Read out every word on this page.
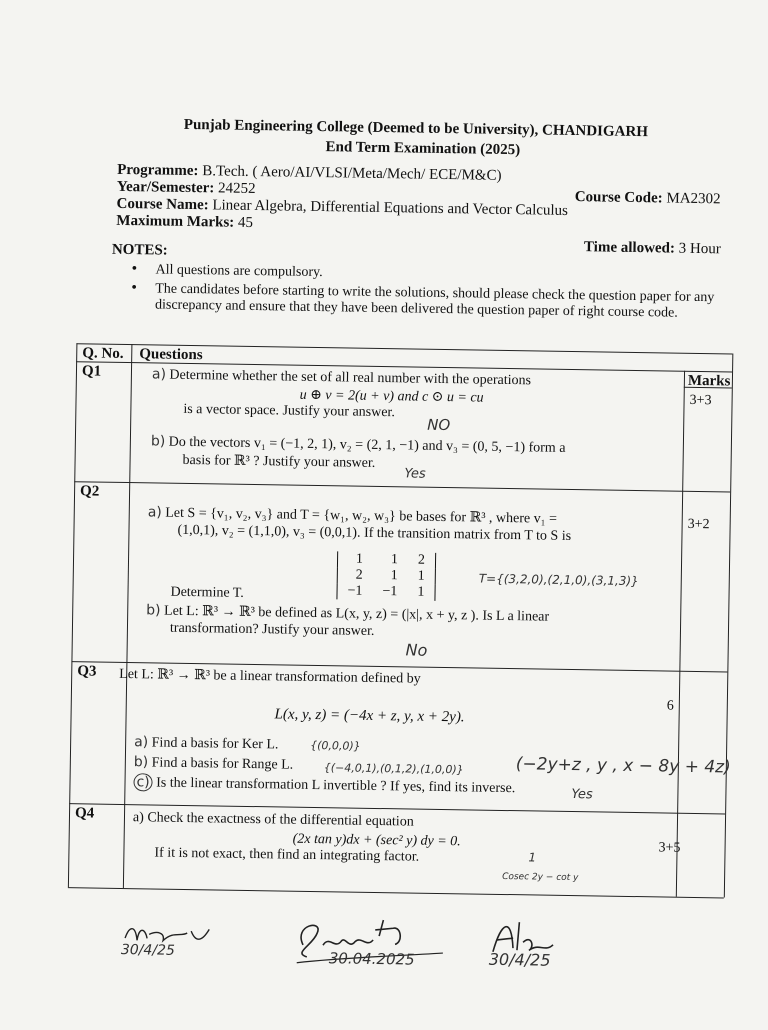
Punjab Engineering College (Deemed to be University), CHANDIGARH
End Term Examination (2025)
Programme: B.Tech. ( Aero/AI/VLSI/Meta/Mech/ ECE/M&C)
Year/Semester: 24252
Course Code: MA2302
Course Name: Linear Algebra, Differential Equations and Vector Calculus
Maximum Marks: 45
Time allowed: 3 Hour
NOTES:
• All questions are compulsory.
• The candidates before starting to write the solutions, should please check the question paper for any discrepancy and ensure that they have been delivered the question paper of right course code.
Q. No. Questions
Marks
Q1
3+3
a) Determine whether the set of all real number with the operations
u ⊕ v = 2(u + v) and c ⊙ u = cu
is a vector space. Justify your answer.
NO
b) Do the vectors v₁ = (−1, 2, 1), v₂ = (2, 1, −1) and v₃ = (0, 5, −1) form a
basis for ℝ³ ? Justify your answer.
Yes
Q2
3+2
a) Let S = {v₁, v₂, v₃} and T = {w₁, w₂, w₃} be bases for ℝ³ , where v₁ =
(1,0,1), v₂ = (1,1,0), v₃ = (0,0,1). If the transition matrix from T to S is
1	1	2
2	1	1
−1	−1	1
T={(3,2,0),(2,1,0),(3,1,3)}
Determine T.
b) Let L: ℝ³ → ℝ³ be defined as L(x, y, z) = (|x|, x + y, z ). Is L a linear
transformation? Justify your answer.
No
Q3
6
Let L: ℝ³ → ℝ³ be a linear transformation defined by
L(x, y, z) = (−4x + z, y, x + 2y).
a) Find a basis for Ker L.	{(0,0,0)}
b) Find a basis for Range L.	{(−4,0,1),(0,1,2),(1,0,0)}	(−2y+z , y , x − 8y + 4z)
c) Is the linear transformation L invertible ? If yes, find its inverse.	Yes
Q4
3+5
a) Check the exactness of the differential equation
(2x tan y)dx + (sec² y) dy = 0.
If it is not exact, then find an integrating factor.	1
Cosec 2y − cot y
30/4/25	30.04.2025	30/4/25
